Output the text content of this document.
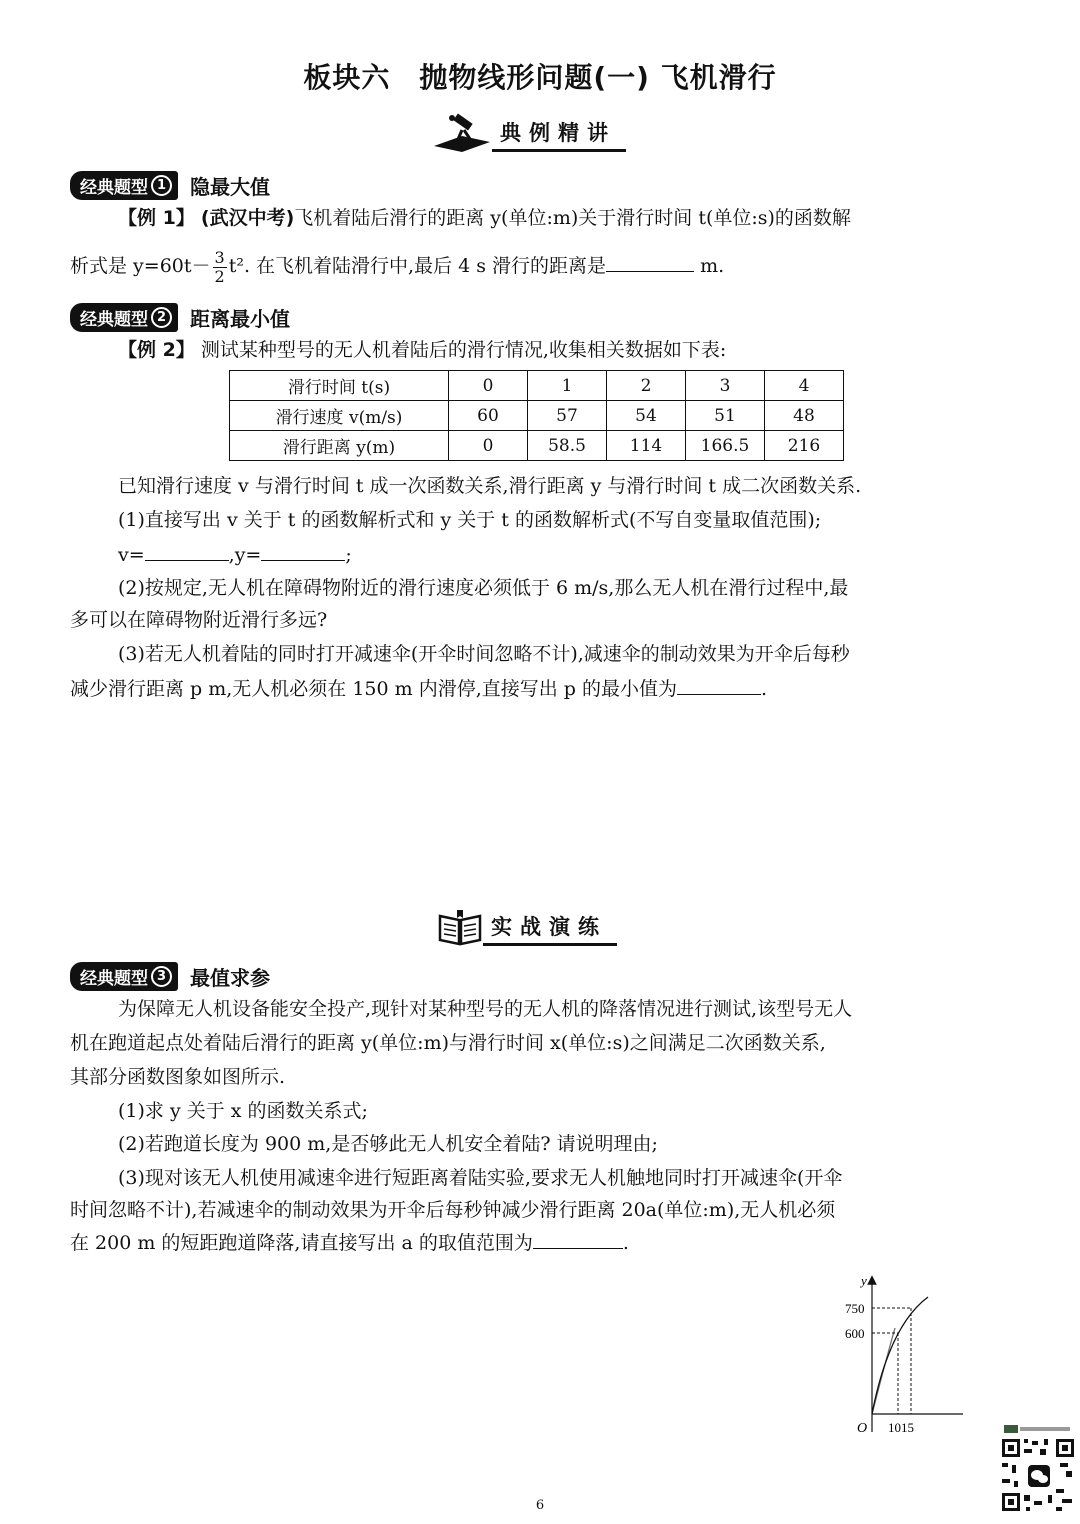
板块六　抛物线形问题(一) 飞机滑行
典例精讲
经典题型 1 隐最大值
【例 1】 (武汉中考)飞机着陆后滑行的距离 y(单位:m)关于滑行时间 t(单位:s)的函数解
析式是 $y=60t- \frac{3}{2} t^2$. 在飞机着陆滑行中,最后 4 s 滑行的距离是	m.
经典题型 2 距离最小值
【例 2】 测试某种型号的无人机着陆后的滑行情况,收集相关数据如下表:
滑行时间 t(s)	0	1	2	3	4
滑行速度 v(m/s)	60	57	54	51	48
滑行距离 y(m)	0	58.5	114	166.5	216
已知滑行速度 v 与滑行时间 t 成一次函数关系,滑行距离 y 与滑行时间 t 成二次函数关系.
(1)直接写出 v 关于 t 的函数解析式和 y 关于 t 的函数解析式(不写自变量取值范围);
v=	,y=	;
(2)按规定,无人机在障碍物附近的滑行速度必须低于 6 m/s,那么无人机在滑行过程中,最
多可以在障碍物附近滑行多远?
(3)若无人机着陆的同时打开减速伞(开伞时间忽略不计),减速伞的制动效果为开伞后每秒
减少滑行距离 p m,无人机必须在 150 m 内滑停,直接写出 p 的最小值为	.
实战演练
经典题型 3 最值求参
为保障无人机设备能安全投产,现针对某种型号的无人机的降落情况进行测试,该型号无人
机在跑道起点处着陆后滑行的距离 y(单位:m)与滑行时间 x(单位:s)之间满足二次函数关系,
其部分函数图象如图所示.
(1)求 y 关于 x 的函数关系式;
(2)若跑道长度为 900 m,是否够此无人机安全着陆? 请说明理由;
(3)现对该无人机使用减速伞进行短距离着陆实验,要求无人机触地同时打开减速伞(开伞
时间忽略不计),若减速伞的制动效果为开伞后每秒钟减少滑行距离 20a(单位:m),无人机必须
在 200 m 的短距跑道降落,请直接写出 a 的取值范围为	.
y
750
600
O 1015
6
